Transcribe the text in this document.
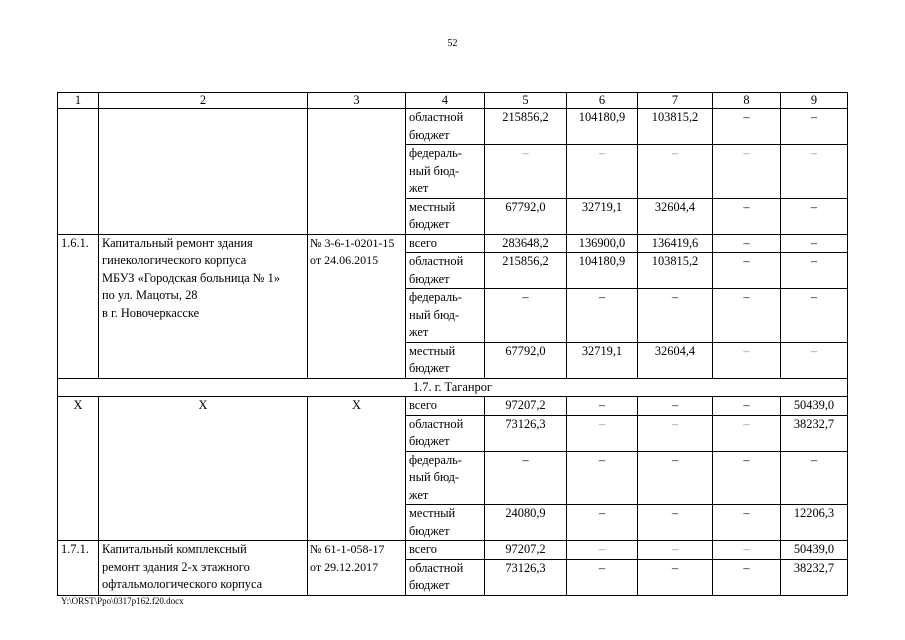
52
1	2	3	4	5	6	7	8	9
			областной
бюджет	215856,2	104180,9	103815,2	–	–
			федераль-
ный бюд-
жет	–	–	–	–	–
			местный
бюджет	67792,0	32719,1	32604,4	–	–
1.6.1.	Капитальный ремонт здания
гинекологического корпуса
МБУЗ «Городская больница № 1»
по ул. Мацоты, 28
в г. Новочеркасске	№ 3-6-1-0201-15
от 24.06.2015	всего	283648,2	136900,0	136419,6	–	–
			областной
бюджет	215856,2	104180,9	103815,2	–	–
			федераль-
ный бюд-
жет	–	–	–	–	–
			местный
бюджет	67792,0	32719,1	32604,4	–	–
1.7. г. Таганрог								
Х	Х	Х	всего	97207,2	–	–	–	50439,0
			областной
бюджет	73126,3	–	–	–	38232,7
			федераль-
ный бюд-
жет	–	–	–	–	–
			местный
бюджет	24080,9	–	–	–	12206,3
1.7.1.	Капитальный комплексный
ремонт здания 2-х этажного
офтальмологического корпуса	№ 61-1-058-17
от 29.12.2017	всего	97207,2	–	–	–	50439,0
			областной
бюджет	73126,3	–	–	–	38232,7
Y:\ORST\Ppo\0317p162.f20.docx
